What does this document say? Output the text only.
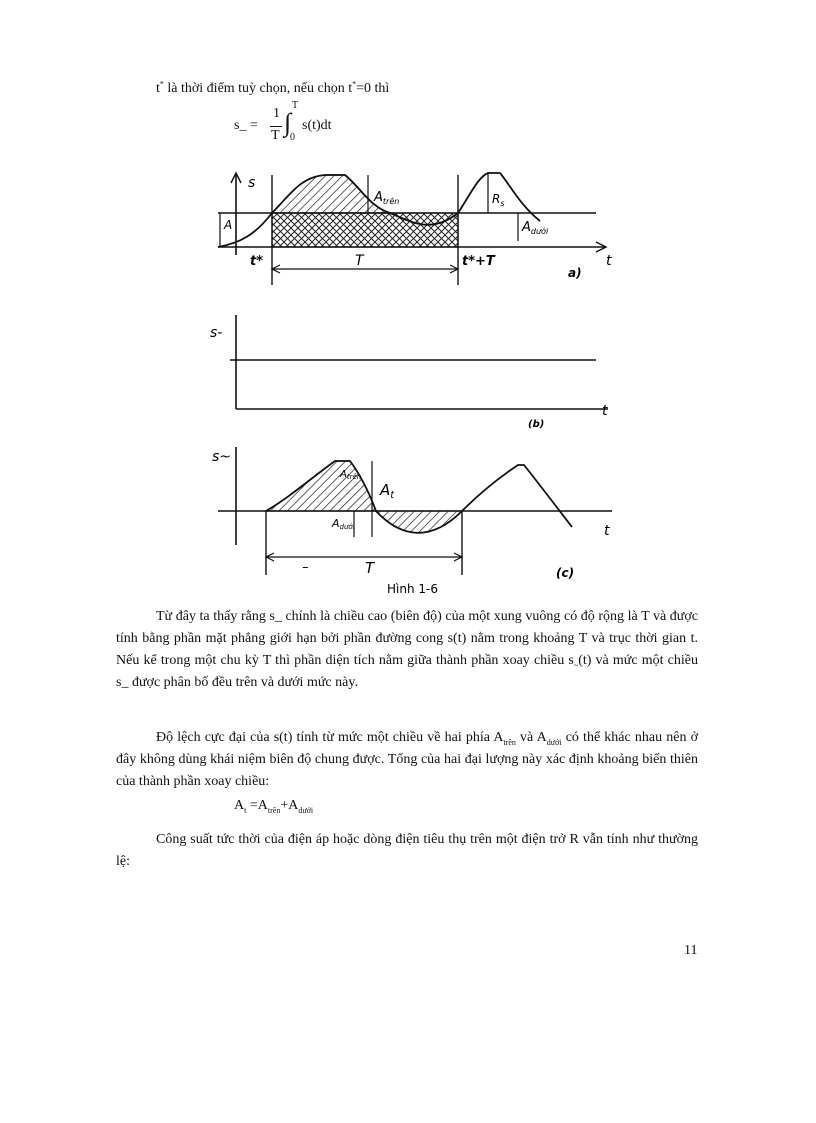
t* là thời điểm tuỳ chọn, nếu chọn t*=0 thì
s_ =
1
T ∫
T
0
s(t)dt
s
t
T
t*	t*+T
a)
A
$A_{trên}$
$A_{dưới}$
$R_s$
s-
t
(b)
s~
t
–	T	(c)
$A_t$
$A_{trên}$
Adưới
Hình 1-6
Từ đây ta thấy rằng s_ chính là chiều cao (biên độ) của một xung vuông có độ rộng là T và được tính bằng phần mặt phẳng giới hạn bởi phần đường cong s(t) nằm trong khoảng T và trục thời gian t. Nếu kể trong một chu kỳ T thì phần diện tích nằm giữa thành phần xoay chiều $s_\sim(t)$ và mức một chiều s_ được phân bố đều trên và dưới mức này.
Độ lệch cực đại của s(t) tính từ mức một chiều về hai phía $A_{trên}$ và $A_{dưới}$ có thể khác nhau nên ở đây không dùng khái niệm biên độ chung được. Tổng của hai đại lượng này xác định khoảng biến thiên của thành phần xoay chiều:
$A_t =A_{trên}+A_{dưới}$
Công suất tức thời của điện áp hoặc dòng điện tiêu thụ trên một điện trở R vẫn tính như thường lệ:
11
